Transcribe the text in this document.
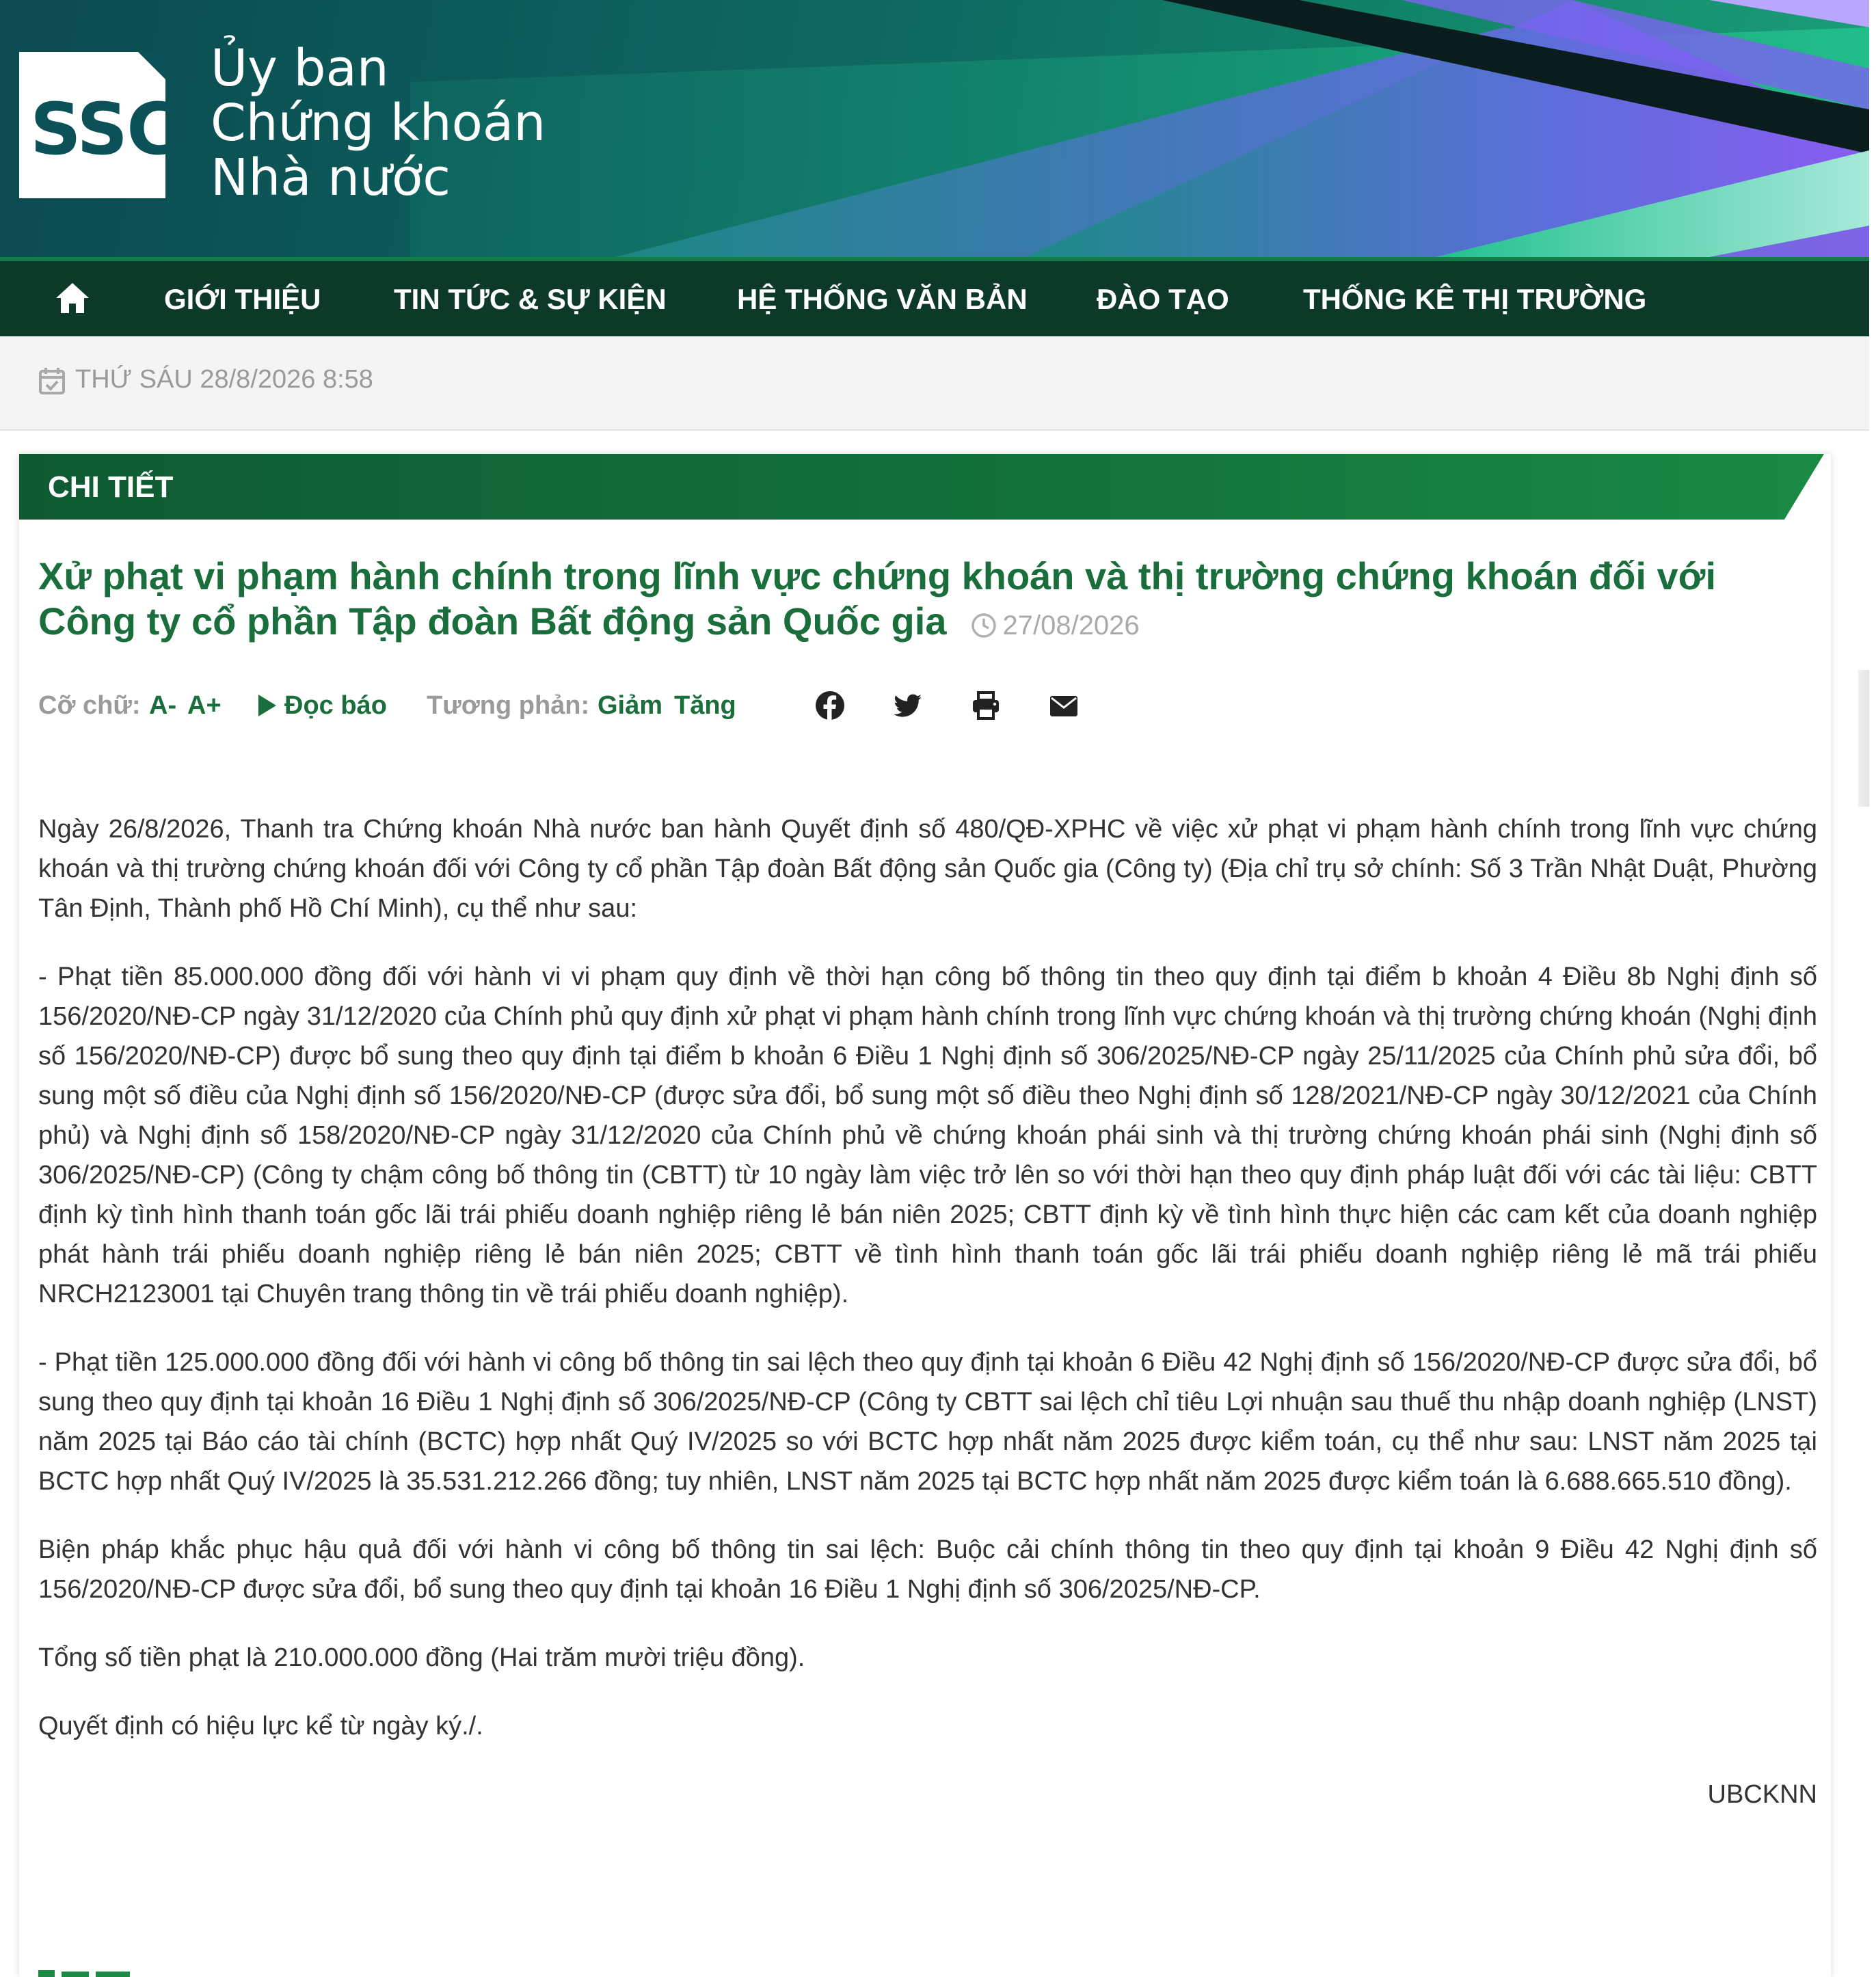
SSC
Ủy ban
Chứng khoán
Nhà nước
GIỚI THIỆU	TIN TỨC & SỰ KIỆN HỆ THỐNG VĂN BẢN ĐÀO TẠO	THỐNG KÊ THỊ TRƯỜNG
THỨ SÁU 28/8/2026 8:58
CHI TIẾT
Xử phạt vi phạm hành chính trong lĩnh vực chứng khoán và thị trường chứng khoán đối với Công ty cổ phần Tập đoàn Bất động sản Quốc gia 27/08/2026
Cỡ chữ: A- A+ Đọc báo Tương phản: Giảm Tăng

Ngày 26/8/2026, Thanh tra Chứng khoán Nhà nước ban hành Quyết định số 480/QĐ-XPHC về việc xử phạt vi phạm hành chính trong lĩnh vực chứng khoán và thị trường chứng khoán đối với Công ty cổ phần Tập đoàn Bất động sản Quốc gia (Công ty) (Địa chỉ trụ sở chính: Số 3 Trần Nhật Duật, Phường Tân Định, Thành phố Hồ Chí Minh), cụ thể như sau:

- Phạt tiền 85.000.000 đồng đối với hành vi vi phạm quy định về thời hạn công bố thông tin theo quy định tại điểm b khoản 4 Điều 8b Nghị định số 156/2020/NĐ-CP ngày 31/12/2020 của Chính phủ quy định xử phạt vi phạm hành chính trong lĩnh vực chứng khoán và thị trường chứng khoán (Nghị định số 156/2020/NĐ-CP) được bổ sung theo quy định tại điểm b khoản 6 Điều 1 Nghị định số 306/2025/NĐ-CP ngày 25/11/2025 của Chính phủ sửa đổi, bổ sung một số điều của Nghị định số 156/2020/NĐ-CP (được sửa đổi, bổ sung một số điều theo Nghị định số 128/2021/NĐ-CP ngày 30/12/2021 của Chính phủ) và Nghị định số 158/2020/NĐ-CP ngày 31/12/2020 của Chính phủ về chứng khoán phái sinh và thị trường chứng khoán phái sinh (Nghị định số 306/2025/NĐ-CP) (Công ty chậm công bố thông tin (CBTT) từ 10 ngày làm việc trở lên so với thời hạn theo quy định pháp luật đối với các tài liệu: CBTT định kỳ tình hình thanh toán gốc lãi trái phiếu doanh nghiệp riêng lẻ bán niên 2025; CBTT định kỳ về tình hình thực hiện các cam kết của doanh nghiệp phát hành trái phiếu doanh nghiệp riêng lẻ bán niên 2025; CBTT về tình hình thanh toán gốc lãi trái phiếu doanh nghiệp riêng lẻ mã trái phiếu NRCH2123001 tại Chuyên trang thông tin về trái phiếu doanh nghiệp).

- Phạt tiền 125.000.000 đồng đối với hành vi công bố thông tin sai lệch theo quy định tại khoản 6 Điều 42 Nghị định số 156/2020/NĐ-CP được sửa đổi, bổ sung theo quy định tại khoản 16 Điều 1 Nghị định số 306/2025/NĐ-CP (Công ty CBTT sai lệch chỉ tiêu Lợi nhuận sau thuế thu nhập doanh nghiệp (LNST) năm 2025 tại Báo cáo tài chính (BCTC) hợp nhất Quý IV/2025 so với BCTC hợp nhất năm 2025 được kiểm toán, cụ thể như sau: LNST năm 2025 tại BCTC hợp nhất Quý IV/2025 là 35.531.212.266 đồng; tuy nhiên, LNST năm 2025 tại BCTC hợp nhất năm 2025 được kiểm toán là 6.688.665.510 đồng).

Biện pháp khắc phục hậu quả đối với hành vi công bố thông tin sai lệch: Buộc cải chính thông tin theo quy định tại khoản 9 Điều 42 Nghị định số 156/2020/NĐ-CP được sửa đổi, bổ sung theo quy định tại khoản 16 Điều 1 Nghị định số 306/2025/NĐ-CP.

Tổng số tiền phạt là 210.000.000 đồng (Hai trăm mười triệu đồng).

Quyết định có hiệu lực kể từ ngày ký./.

UBCKNN
